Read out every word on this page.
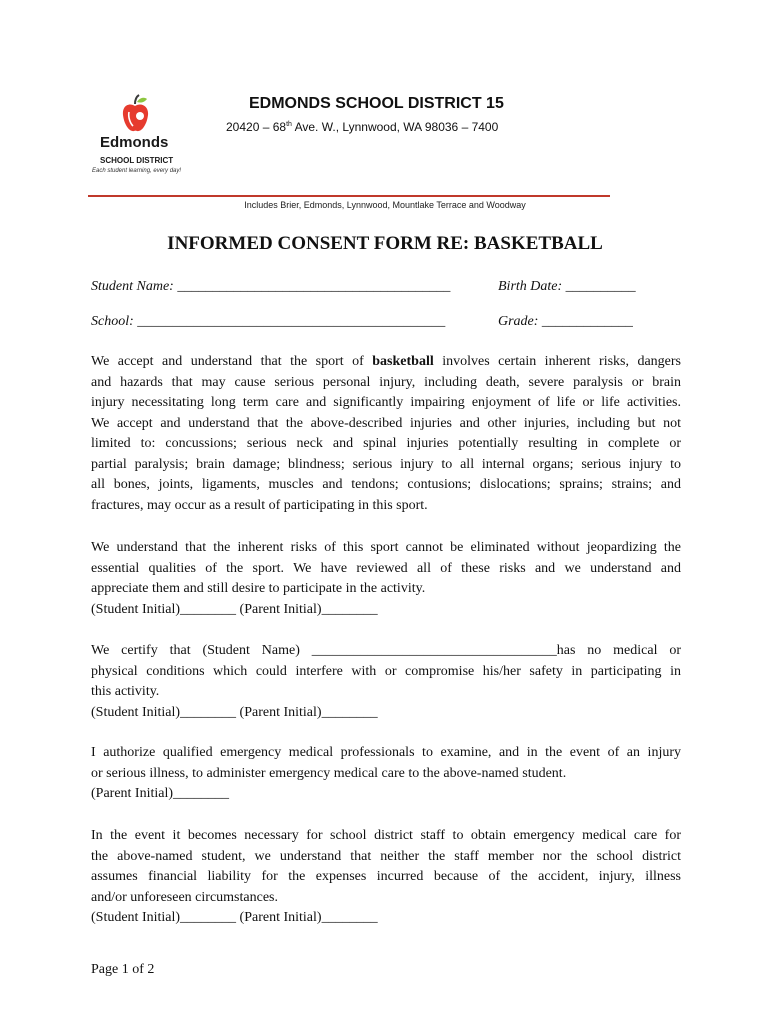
Edmonds
SCHOOL DISTRICT
Each student learning, every day!
EDMONDS SCHOOL DISTRICT 15
20420 – 68th Ave. W., Lynnwood, WA 98036 – 7400
Includes Brier, Edmonds, Lynnwood, Mountlake Terrace and Woodway
INFORMED CONSENT FORM RE: BASKETBALL
Student Name: _______________________________________	Birth Date: __________
School: ____________________________________________	Grade: _____________
We accept and understand that the sport of basketball involves certain inherent risks, dangers
and hazards that may cause serious personal injury, including death, severe paralysis or brain
injury necessitating long term care and significantly impairing enjoyment of life or life activities.
We accept and understand that the above-described injuries and other injuries, including but not
limited to: concussions; serious neck and spinal injuries potentially resulting in complete or
partial paralysis; brain damage; blindness; serious injury to all internal organs; serious injury to
all bones, joints, ligaments, muscles and tendons; contusions; dislocations; sprains; strains; and
fractures, may occur as a result of participating in this sport.
We understand that the inherent risks of this sport cannot be eliminated without jeopardizing the
essential qualities of the sport. We have reviewed all of these risks and we understand and
appreciate them and still desire to participate in the activity.
(Student Initial)________ (Parent Initial)________
We certify that (Student Name) ___________________________________has no medical or
physical conditions which could interfere with or compromise his/her safety in participating in
this activity.
(Student Initial)________ (Parent Initial)________
I authorize qualified emergency medical professionals to examine, and in the event of an injury
or serious illness, to administer emergency medical care to the above-named student.
(Parent Initial)________
In the event it becomes necessary for school district staff to obtain emergency medical care for
the above-named student, we understand that neither the staff member nor the school district
assumes financial liability for the expenses incurred because of the accident, injury, illness
and/or unforeseen circumstances.
(Student Initial)________ (Parent Initial)________
Page 1 of 2
